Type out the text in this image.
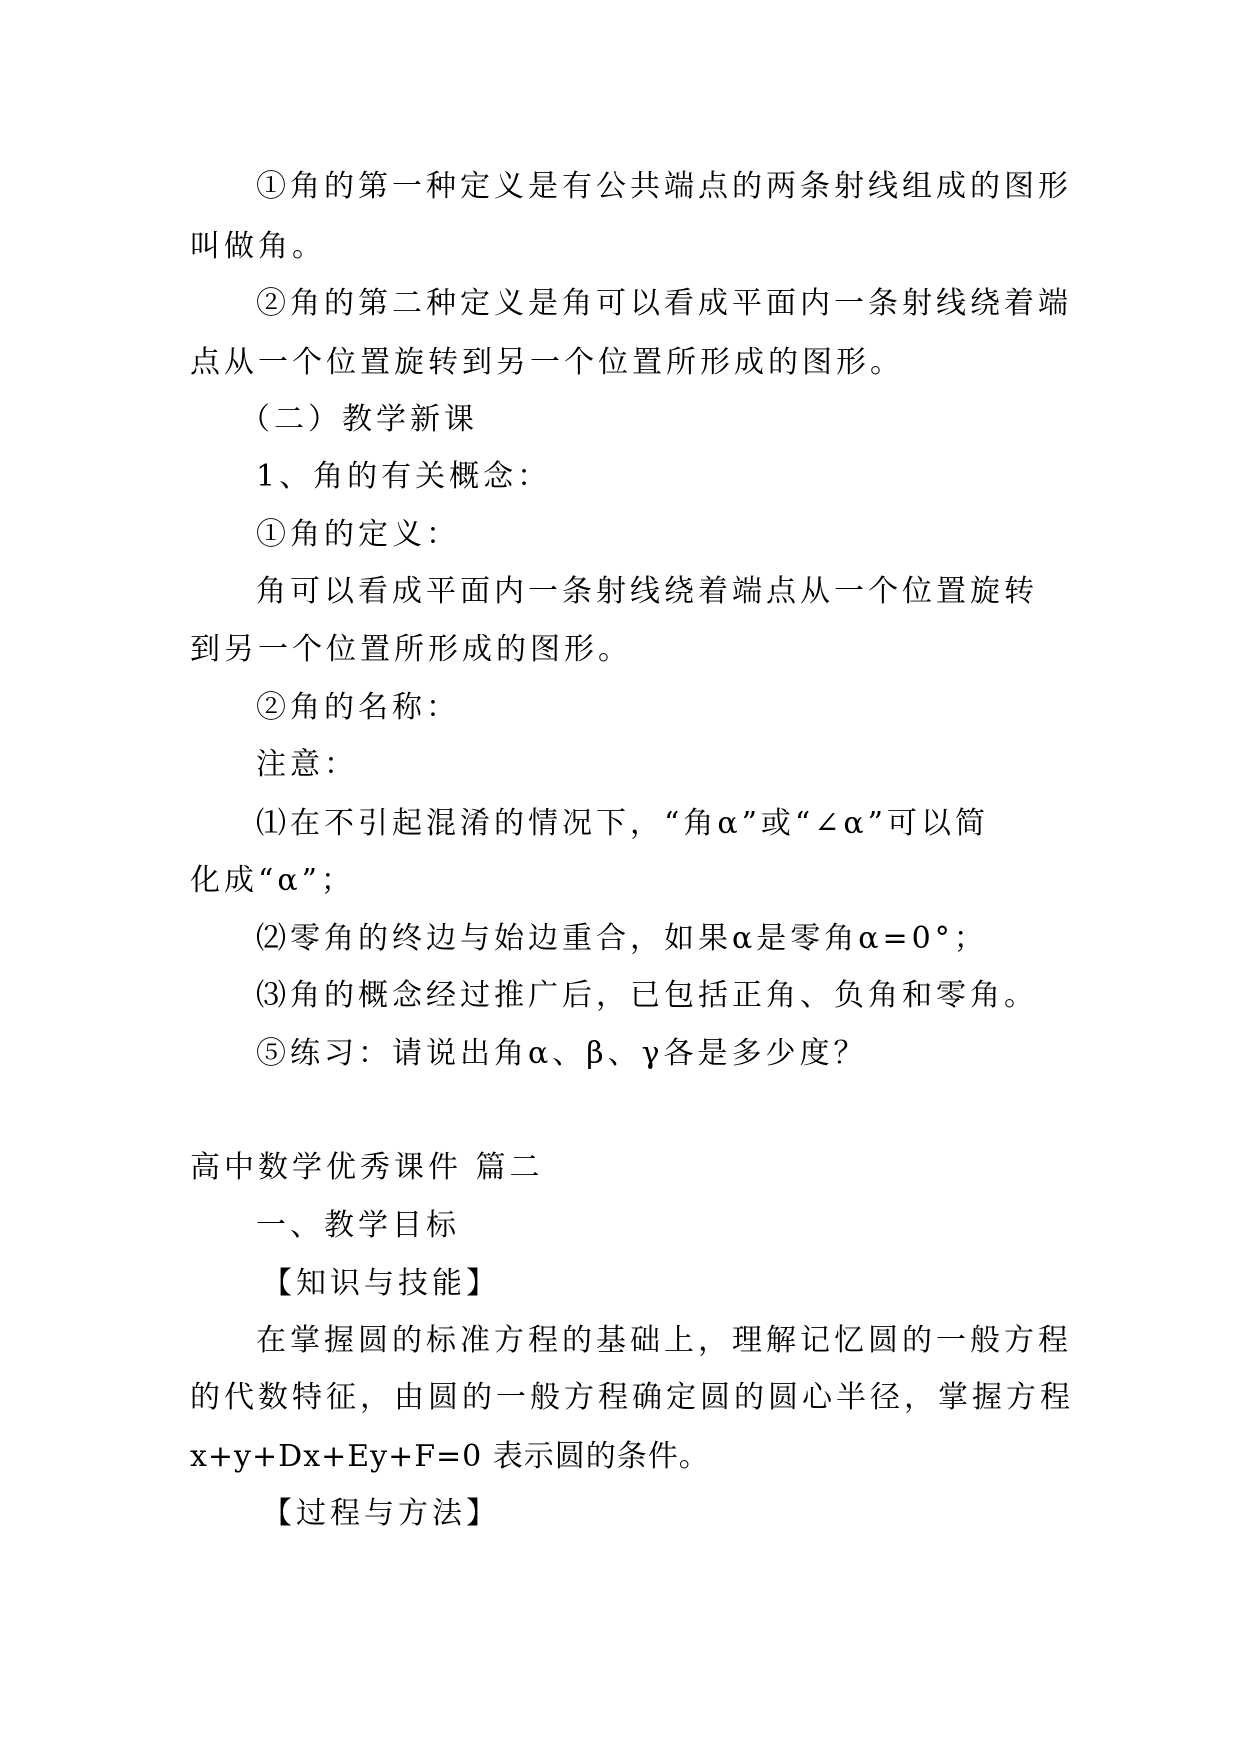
①角的第一种定义是有公共端点的两条射线组成的图形
叫做角。
②角的第二种定义是角可以看成平面内一条射线绕着端
点从一个位置旋转到另一个位置所形成的图形。
（二）教学新课
1、角的有关概念：
①角的定义：
角可以看成平面内一条射线绕着端点从一个位置旋转
到另一个位置所形成的图形。
②角的名称：
注意：
⑴在不引起混淆的情况下，“角α”或“∠α”可以简
化成“α”；
⑵零角的终边与始边重合，如果α是零角α=0°；
⑶角的概念经过推广后，已包括正角、负角和零角。
⑤练习：请说出角α、β、γ各是多少度？
高中数学优秀课件 篇二
一、教学目标
【知识与技能】
在掌握圆的标准方程的基础上，理解记忆圆的一般方程
的代数特征，由圆的一般方程确定圆的圆心半径，掌握方程
x+y+Dx+Ey+F=0 表示圆的条件。
【过程与方法】
